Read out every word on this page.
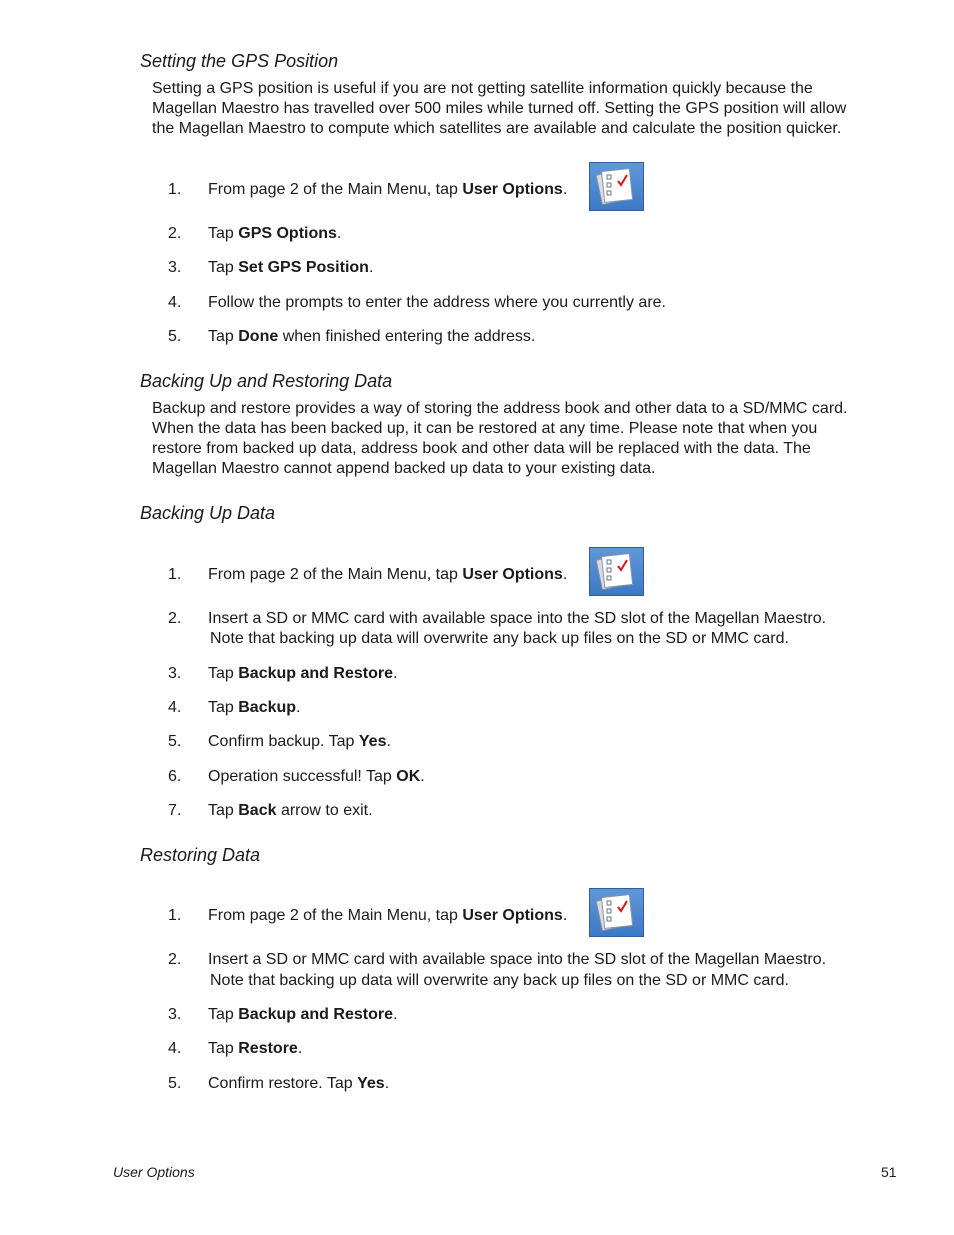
Setting the GPS Position
Setting a GPS position is useful if you are not getting satellite information quickly because the
Magellan Maestro has travelled over 500 miles while turned off. Setting the GPS position will allow
the Magellan Maestro to compute which satellites are available and calculate the position quicker.
1. From page 2 of the Main Menu, tap User Options.
2. Tap GPS Options.
3. Tap Set GPS Position.
4. Follow the prompts to enter the address where you currently are.
5. Tap Done when finished entering the address.
Backing Up and Restoring Data
Backup and restore provides a way of storing the address book and other data to a SD/MMC card.
When the data has been backed up, it can be restored at any time. Please note that when you
restore from backed up data, address book and other data will be replaced with the data. The
Magellan Maestro cannot append backed up data to your existing data.
Backing Up Data
1. From page 2 of the Main Menu, tap User Options.
2. Insert a SD or MMC card with available space into the SD slot of the Magellan Maestro.
Note that backing up data will overwrite any back up files on the SD or MMC card.
3. Tap Backup and Restore.
4. Tap Backup.
5. Confirm backup. Tap Yes.
6. Operation successful! Tap OK.
7. Tap Back arrow to exit.
Restoring Data
1. From page 2 of the Main Menu, tap User Options.
2. Insert a SD or MMC card with available space into the SD slot of the Magellan Maestro.
Note that backing up data will overwrite any back up files on the SD or MMC card.
3. Tap Backup and Restore.
4. Tap Restore.
5. Confirm restore. Tap Yes.
User Options	51
